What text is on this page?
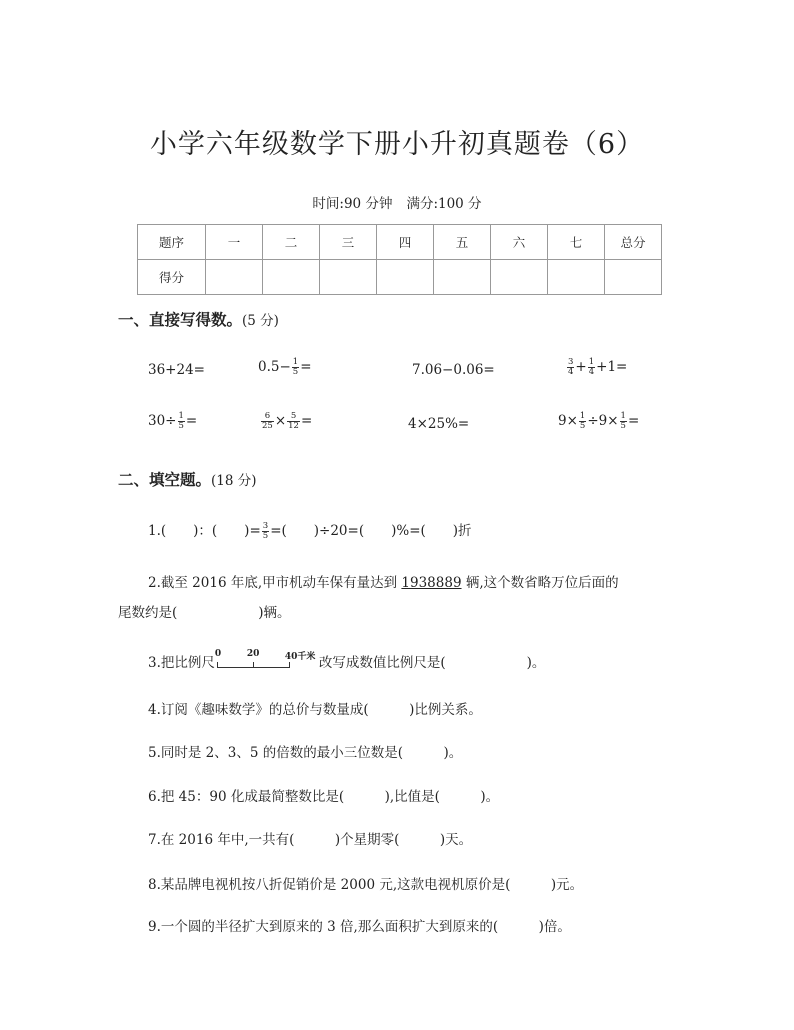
小学六年级数学下册小升初真题卷（6）
时间:90 分钟 满分:100 分
题序	一	二	三	四	五	六	七	总分
得分								
一、直接写得数。(5 分)
36+24=	$0.5- \frac{1}{5}$ =	7.06−0.06=	$\frac{3}{4} + \frac{1}{4} +1=$
$30\div \frac{1}{5}$ =	$\frac{6}{25} \times \frac{5}{12}$ =	4×25%=	$9\times \frac{1}{5} \div 9\times \frac{1}{5}$ =
二、填空题。(18 分)
1.(　　)：(　　)= $\frac{3}{5}$ =(　　)÷20=(　　)%=(　　)折
2.截至 2016 年底,甲市机动车保有量达到 1938889 辆,这个数省略万位后面的
尾数约是(　　　　　　)辆。
3.把比例尺
0	20	40千米 改写成数值比例尺是(　　　　　　)。
4.订阅《趣味数学》的总价与数量成(　　　)比例关系。
5.同时是 2、3、5 的倍数的最小三位数是(　　　)。
6.把 45：90 化成最简整数比是(　　　),比值是(　　　)。
7.在 2016 年中,一共有(　　　)个星期零(　　　)天。
8.某品牌电视机按八折促销价是 2000 元,这款电视机原价是(　　　)元。
9.一个圆的半径扩大到原来的 3 倍,那么面积扩大到原来的(　　　)倍。
